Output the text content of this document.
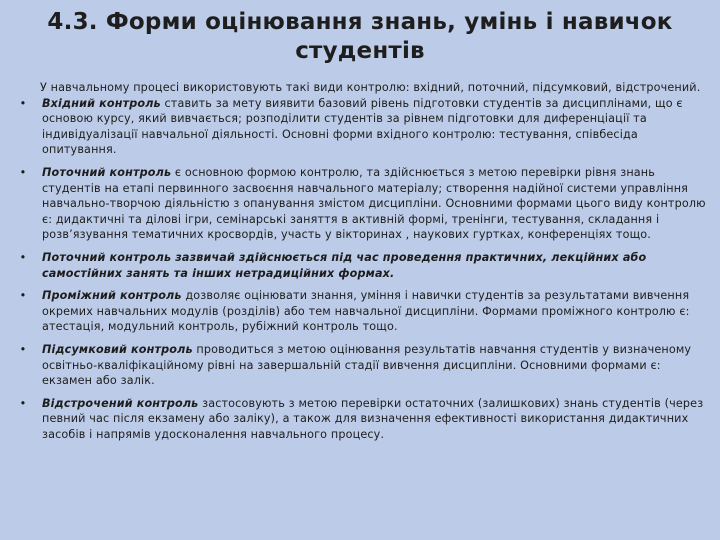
4.3. Форми оцінювання знань, умінь і навичок
студентів

У навчальному процесі використовують такі види контролю: вхідний, поточний, підсумковий, відстрочений.

•	Вхідний контроль ставить за мету виявити базовий рівень підготовки студентів за дисциплінами, що є основою курсу, який вивчається; розподілити студентів за рівнем підготовки для диференціації та індивідуалізації навчальної діяльності. Основні форми вхідного контролю: тестування, співбесіда опитування.
•	Поточний контроль є основною формою контролю, та здійснюється з метою перевірки рівня знань студентів на етапі первинного засвоєння навчального матеріалу; створення надійної системи управління навчально-творчою діяльністю з опанування змістом дисципліни. Основними формами цього виду контролю є: дидактичні та ділові ігри, семінарські заняття в активній формі, тренінги, тестування, складання і розв’язування тематичних кросвордів, участь у вікторинах , наукових гуртках, конференціях тощо.
•	Поточний контроль зазвичай здійснюється під час проведення практичних, лекційних або самостійних занять та інших нетрадиційних формах.
•	Проміжний контроль дозволяє оцінювати знання, уміння і навички студентів за результатами вивчення окремих навчальних модулів (розділів) або тем навчальної дисципліни. Формами проміжного контролю є: атестація, модульний контроль, рубіжний контроль тощо.
•	Підсумковий контроль проводиться з метою оцінювання результатів навчання студентів у визначеному освітньо-кваліфікаційному рівні на завершальній стадії вивчення дисципліни. Основними формами є: екзамен або залік.
•	Відстрочений контроль застосовують з метою перевірки остаточних (залишкових) знань студентів (через певний час після екзамену або заліку), а також для визначення ефективності використання дидактичних засобів і напрямів удосконалення навчального процесу.
